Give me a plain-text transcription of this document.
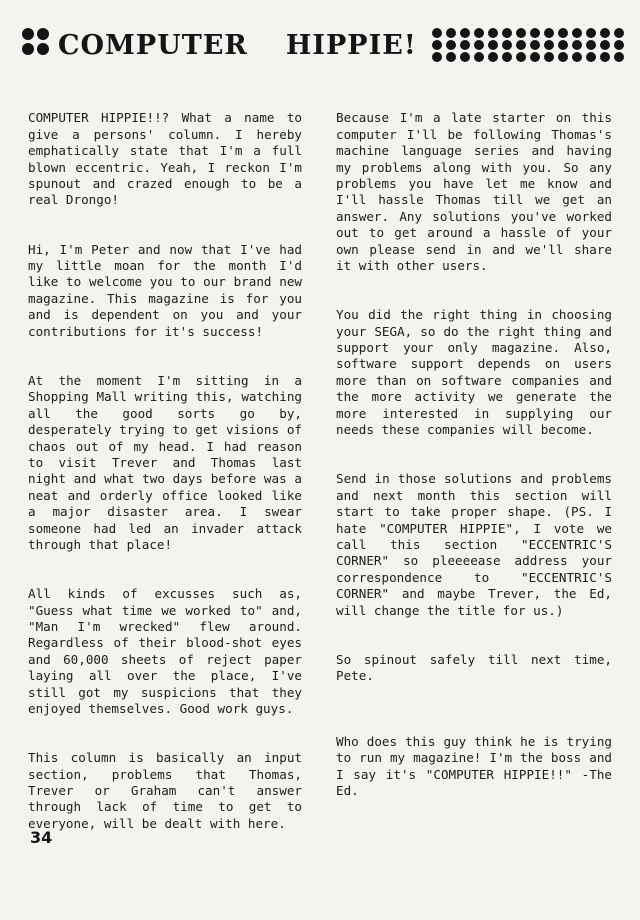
COMPUTER HIPPIE!

COMPUTER HIPPIE!!? What a name to give a persons' column. I hereby emphatically state that I'm a full blown eccentric. Yeah, I reckon I'm spunout and crazed enough to be a real Drongo!

Hi, I'm Peter and now that I've had my little moan for the month I'd like to welcome you to our brand new magazine. This magazine is for you and is dependent on you and your contributions for it's success!

At the moment I'm sitting in a Shopping Mall writing this, watching all the good sorts go by, desperately trying to get visions of chaos out of my head. I had reason to visit Trever and Thomas last night and what two days before was a neat and orderly office looked like a major disaster area. I swear someone had led an invader attack through that place!

All kinds of excusses such as, "Guess what time we worked to" and, "Man I'm wrecked" flew around. Regardless of their blood-shot eyes and 60,000 sheets of reject paper laying all over the place, I've still got my suspicions that they enjoyed themselves. Good work guys.

This column is basically an input section, problems that Thomas, Trever or Graham can't answer through lack of time to get to everyone, will be dealt with here.

Because I'm a late starter on this computer I'll be following Thomas's machine language series and having my problems along with you. So any problems you have let me know and I'll hassle Thomas till we get an answer. Any solutions you've worked out to get around a hassle of your own please send in and we'll share it with other users.

You did the right thing in choosing your SEGA, so do the right thing and support your only magazine. Also, software support depends on users more than on software companies and the more activity we generate the more interested in supplying our needs these companies will become.

Send in those solutions and problems and next month this section will start to take proper shape. (PS. I hate "COMPUTER HIPPIE", I vote we call this section "ECCENTRIC'S CORNER" so pleeeease address your correspondence to "ECCENTRIC'S CORNER" and maybe Trever, the Ed, will change the title for us.)

So spinout safely till next time, Pete.

Who does this guy think he is trying to run my magazine! I'm the boss and I say it's "COMPUTER HIPPIE!!" -The Ed.

34
